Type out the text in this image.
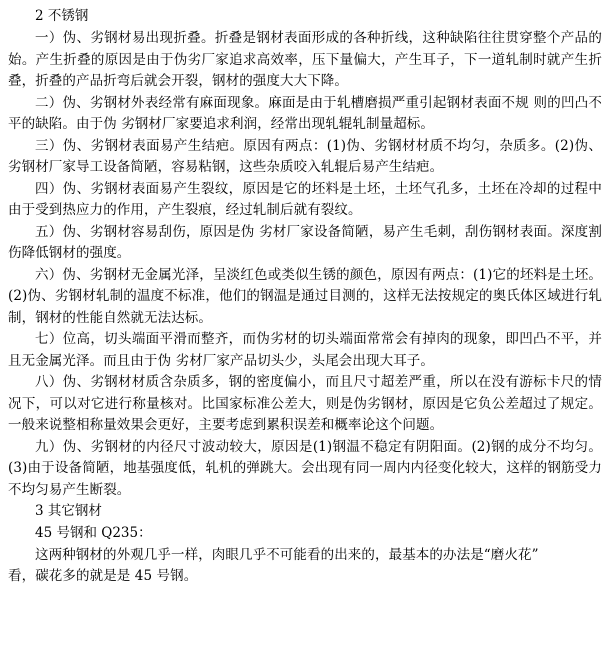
2 不锈钢

一）伪、劣钢材易出现折叠。折叠是钢材表面形成的各种折线，这种缺陷往往贯穿整个产品的始。产生折叠的原因是由于伪劣厂家追求高效率，压下量偏大，产生耳子，下一道轧制时就产生折叠，折叠的产品折弯后就会开裂，钢材的强度大大下降。

二）伪、劣钢材外表经常有麻面现象。麻面是由于轧槽磨损严重引起钢材表面不规 则的凹凸不平的缺陷。由于伪 劣钢材厂家要追求利润，经常出现轧辊轧制量超标。

三）伪、劣钢材表面易产生结疤。原因有两点：(1)伪、劣钢材材质不均匀，杂质多。(2)伪、劣钢材厂家导工设备简陋，容易粘钢，这些杂质咬入轧辊后易产生结疤。

四）伪、劣钢材表面易产生裂纹，原因是它的坯料是土坯，土坯气孔多，土坯在冷却的过程中由于受到热应力的作用，产生裂痕，经过轧制后就有裂纹。

五）伪、劣钢材容易刮伤，原因是伪 劣材厂家设备简陋，易产生毛刺，刮伤钢材表面。深度割伤降低钢材的强度。

六）伪、劣钢材无金属光泽，呈淡红色或类似生锈的颜色，原因有两点：(1)它的坯料是土坯。(2)伪、劣钢材轧制的温度不标准，他们的钢温是通过目测的，这样无法按规定的奥氏体区域进行轧制，钢材的性能自然就无法达标。

七）位高，切头端面平滑而整齐，而伪劣材的切头端面常常会有掉肉的现象，即凹凸不平，并且无金属光泽。而且由于伪 劣材厂家产品切头少，头尾会出现大耳子。

八）伪、劣钢材材质含杂质多，钢的密度偏小，而且尺寸超差严重，所以在没有游标卡尺的情况下，可以对它进行称量核对。比国家标准公差大，则是伪劣钢材，原因是它负公差超过了规定。一般来说整相称量效果会更好，主要考虑到累积误差和概率论这个问题。

九）伪、劣钢材的内径尺寸波动较大，原因是(1)钢温不稳定有阴阳面。(2)钢的成分不均匀。(3)由于设备简陋，地基强度低，轧机的弹跳大。会出现有同一周内内径变化较大，这样的钢筋受力不均匀易产生断裂。

3 其它钢材
45 号钢和 Q235：

这两种钢材的外观几乎一样，肉眼几乎不可能看的出来的，最基本的办法是“磨火花”

看，碳花多的就是是 45 号钢。
